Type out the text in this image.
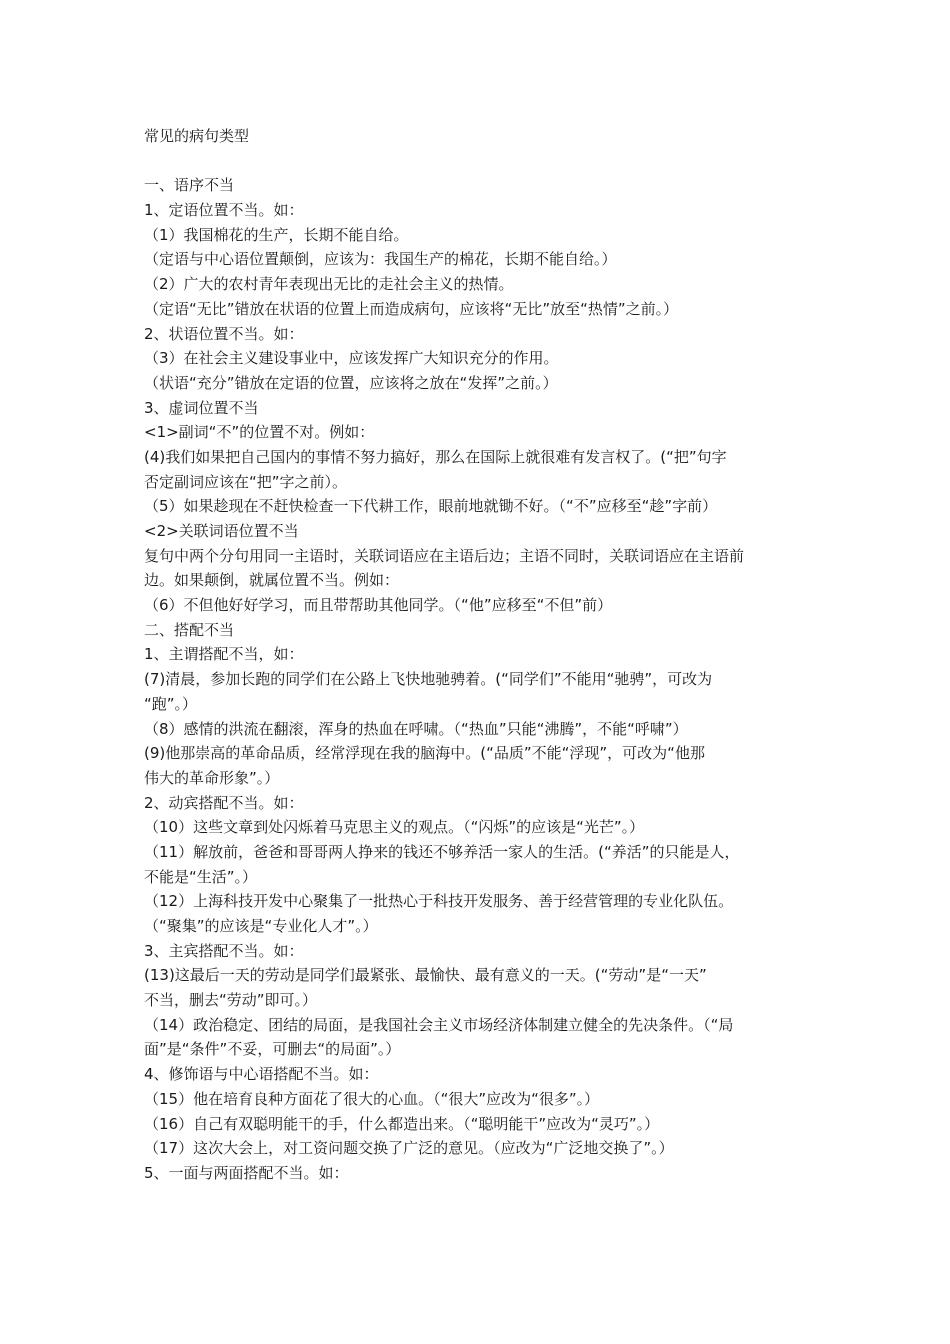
常见的病句类型
一、语序不当
1、定语位置不当。如：
（1）我国棉花的生产，长期不能自给。
（定语与中心语位置颠倒，应该为：我国生产的棉花，长期不能自给。）
（2）广大的农村青年表现出无比的走社会主义的热情。
（定语“无比”错放在状语的位置上而造成病句，应该将“无比”放至“热情”之前。）
2、状语位置不当。如：
（3）在社会主义建设事业中，应该发挥广大知识充分的作用。
（状语“充分”错放在定语的位置，应该将之放在“发挥”之前。）
3、虚词位置不当
<1>副词“不”的位置不对。例如：
(4)我们如果把自己国内的事情不努力搞好，那么在国际上就很难有发言权了。(“把”句字
否定副词应该在“把”字之前）。
（5）如果趁现在不赶快检查一下代耕工作，眼前地就锄不好。（“不”应移至“趁”字前）
<2>关联词语位置不当
复句中两个分句用同一主语时，关联词语应在主语后边；主语不同时，关联词语应在主语前
边。如果颠倒，就属位置不当。例如：
（6）不但他好好学习，而且带帮助其他同学。（“他”应移至“不但”前）
二、搭配不当
1、主谓搭配不当，如：
(7)清晨，参加长跑的同学们在公路上飞快地驰骋着。(“同学们”不能用“驰骋”，可改为
“跑”。）
（8）感情的洪流在翻滚，浑身的热血在呼啸。（“热血”只能“沸腾”，不能“呼啸”）
(9)他那崇高的革命品质，经常浮现在我的脑海中。(“品质”不能“浮现”，可改为“他那
伟大的革命形象”。）
2、动宾搭配不当。如：
（10）这些文章到处闪烁着马克思主义的观点。（“闪烁”的应该是“光芒”。）
（11）解放前，爸爸和哥哥两人挣来的钱还不够养活一家人的生活。(“养活”的只能是人，
不能是“生活”。）
（12）上海科技开发中心聚集了一批热心于科技开发服务、善于经营管理的专业化队伍。
（“聚集”的应该是“专业化人才”。）
3、主宾搭配不当。如：
(13)这最后一天的劳动是同学们最紧张、最愉快、最有意义的一天。(“劳动”是“一天”
不当，删去“劳动”即可。）
（14）政治稳定、团结的局面，是我国社会主义市场经济体制建立健全的先决条件。（“局
面”是“条件”不妥，可删去“的局面”。）
4、修饰语与中心语搭配不当。如：
（15）他在培育良种方面花了很大的心血。（“很大”应改为“很多”。）
（16）自己有双聪明能干的手，什么都造出来。（“聪明能干”应改为“灵巧”。）
（17）这次大会上，对工资问题交换了广泛的意见。（应改为“广泛地交换了”。）
5、一面与两面搭配不当。如：
